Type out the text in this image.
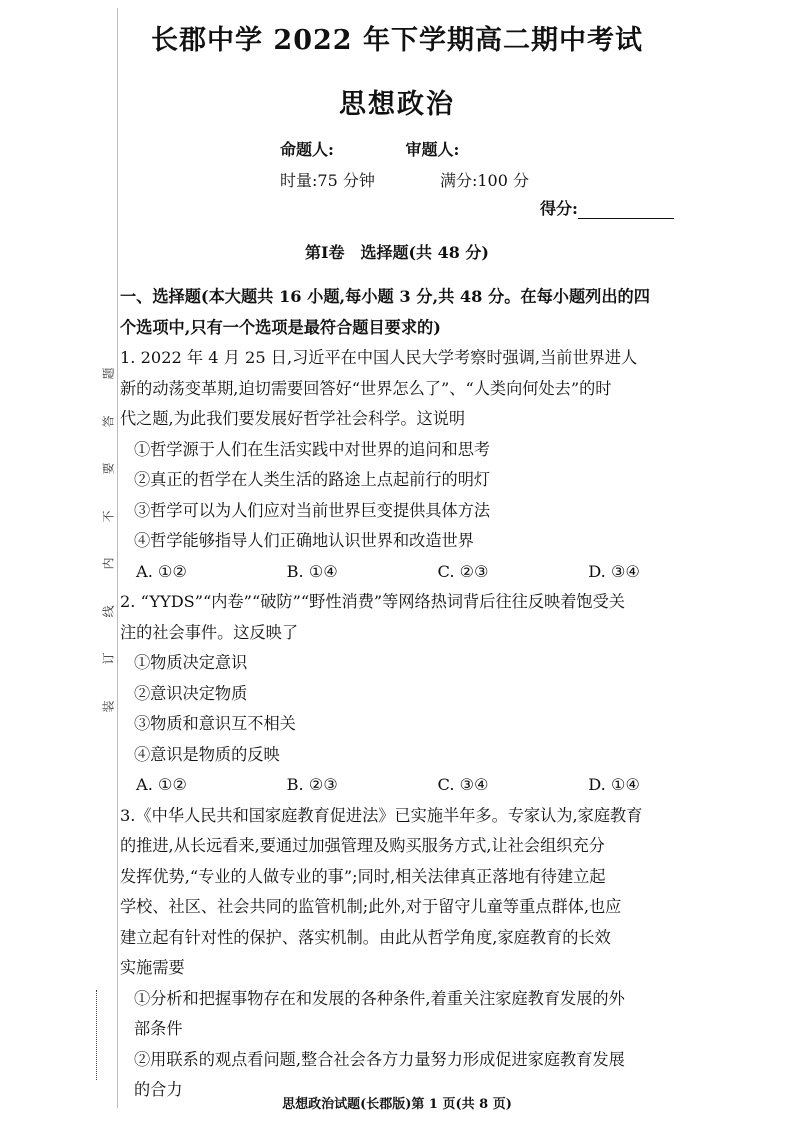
题
答
要
不
内
线
订
装
长郡中学 2022 年下学期高二期中考试
思想政治
命题人:	审题人:
时量:75 分钟	满分:100 分
得分:
第Ⅰ卷　选择题(共 48 分)

一、选择题(本大题共 16 小题,每小题 3 分,共 48 分。在每小题列出的四

个选项中,只有一个选项是最符合题目要求的)

1. 2022 年 4 月 25 日,习近平在中国人民大学考察时强调,当前世界进人

新的动荡变革期,迫切需要回答好“世界怎么了”、“人类向何处去”的时

代之题,为此我们要发展好哲学社会科学。这说明

①哲学源于人们在生活实践中对世界的追问和思考

②真正的哲学在人类生活的路途上点起前行的明灯

③哲学可以为人们应对当前世界巨变提供具体方法

④哲学能够指导人们正确地认识世界和改造世界

A. ①②	B. ①④	C. ②③	D. ③④

2. “YYDS”“内卷”“破防”“野性消费”等网络热词背后往往反映着饱受关

注的社会事件。这反映了

①物质决定意识

②意识决定物质

③物质和意识互不相关

④意识是物质的反映

A. ①②	B. ②③	C. ③④	D. ①④

3.《中华人民共和国家庭教育促进法》已实施半年多。专家认为,家庭教育

的推进,从长远看来,要通过加强管理及购买服务方式,让社会组织充分

发挥优势,“专业的人做专业的事”;同时,相关法律真正落地有待建立起

学校、社区、社会共同的监管机制;此外,对于留守儿童等重点群体,也应

建立起有针对性的保护、落实机制。由此从哲学角度,家庭教育的长效

实施需要

①分析和把握事物存在和发展的各种条件,着重关注家庭教育发展的外

部条件

②用联系的观点看问题,整合社会各方力量努力形成促进家庭教育发展

的合力

思想政治试题(长郡版)第 1 页(共 8 页)
